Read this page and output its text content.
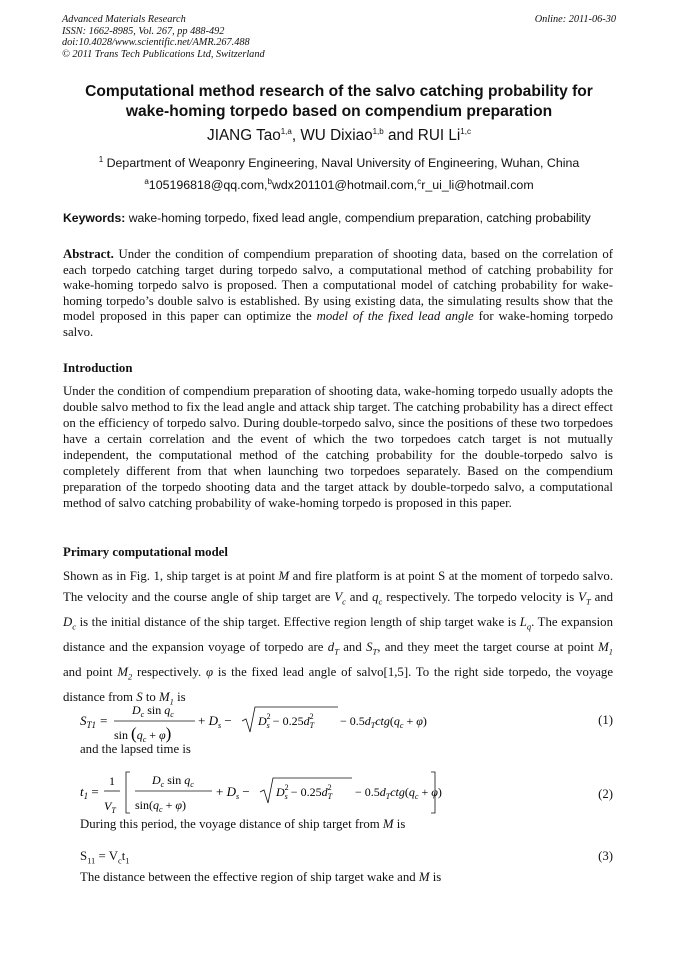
Advanced Materials Research
ISSN: 1662-8985, Vol. 267, pp 488-492
doi:10.4028/www.scientific.net/AMR.267.488
© 2011 Trans Tech Publications Ltd, Switzerland
Online: 2011-06-30
Computational method research of the salvo catching probability for
wake-homing torpedo based on compendium preparation
JIANG Tao$^{1,a}$, WU Dixiao$^{1,b}$ and RUI Li$^{1,c}$
$^1$ Department of Weaponry Engineering, Naval University of Engineering, Wuhan, China
$^a$105196818@qq.com,$^b$wdx201101@hotmail.com,$^c$r_ui_li@hotmail.com
Keywords: wake-homing torpedo, fixed lead angle, compendium preparation, catching probability
Abstract. Under the condition of compendium preparation of shooting data, based on the correlation of each torpedo catching target during torpedo salvo, a computational method of catching probability for wake-homing torpedo salvo is proposed. Then a computational model of catching probability for wake-homing torpedo’s double salvo is established. By using existing data, the simulating results show that the model proposed in this paper can optimize the model of the fixed lead angle for wake-homing torpedo salvo.
Introduction
Under the condition of compendium preparation of shooting data, wake-homing torpedo usually adopts the double salvo method to fix the lead angle and attack ship target. The catching probability has a direct effect on the efficiency of torpedo salvo. During double-torpedo salvo, since the positions of these two torpedoes have a certain correlation and the event of which the two torpedoes catch target is not mutually independent, the computational method of the catching probability for the double-torpedo salvo is completely different from that when launching two torpedoes separately. Based on the compendium preparation of the torpedo shooting data and the target attack by double-torpedo salvo, a computational method of salvo catching probability of wake-homing torpedo is proposed in this paper.
Primary computational model
Shown as in Fig. 1, ship target is at point M and fire platform is at point S at the moment of torpedo salvo. The velocity and the course angle of ship target are $V_c$ and $q_c$ respectively. The torpedo velocity is $V_T$ and $D_c$ is the initial distance of the ship target. Effective region length of ship target wake is $L_q$. The expansion distance and the expansion voyage of torpedo are $d_T$ and $S_T$, and they meet the target course at point $M_1$ and point $M_2$ respectively. φ is the fixed lead angle of salvo[1,5]. To the right side torpedo, the voyage distance from S to $M_1$ is
$S_{T1}$ =
$D_c$ $\sin q_c$
$\sin (q_c + \varphi)$
+ $D_s - D^2$ $s - 0.25d^2$ $T - 0.5d_Tctg(q_c + \varphi)$	(1)
and the lapsed time is
$t_1$ =
1
$V_T$
$D_c$ $\sin q_c$
$\sin(q_c + \varphi)$
+ $D_s - D^2$ $s - 0.25d^2$ $T - 0.5d_Tctg(q_c + \varphi)$	(2)
During this period, the voyage distance of ship target from M is
$S_{11} = V_ct_1$	(3)
The distance between the effective region of ship target wake and M is
